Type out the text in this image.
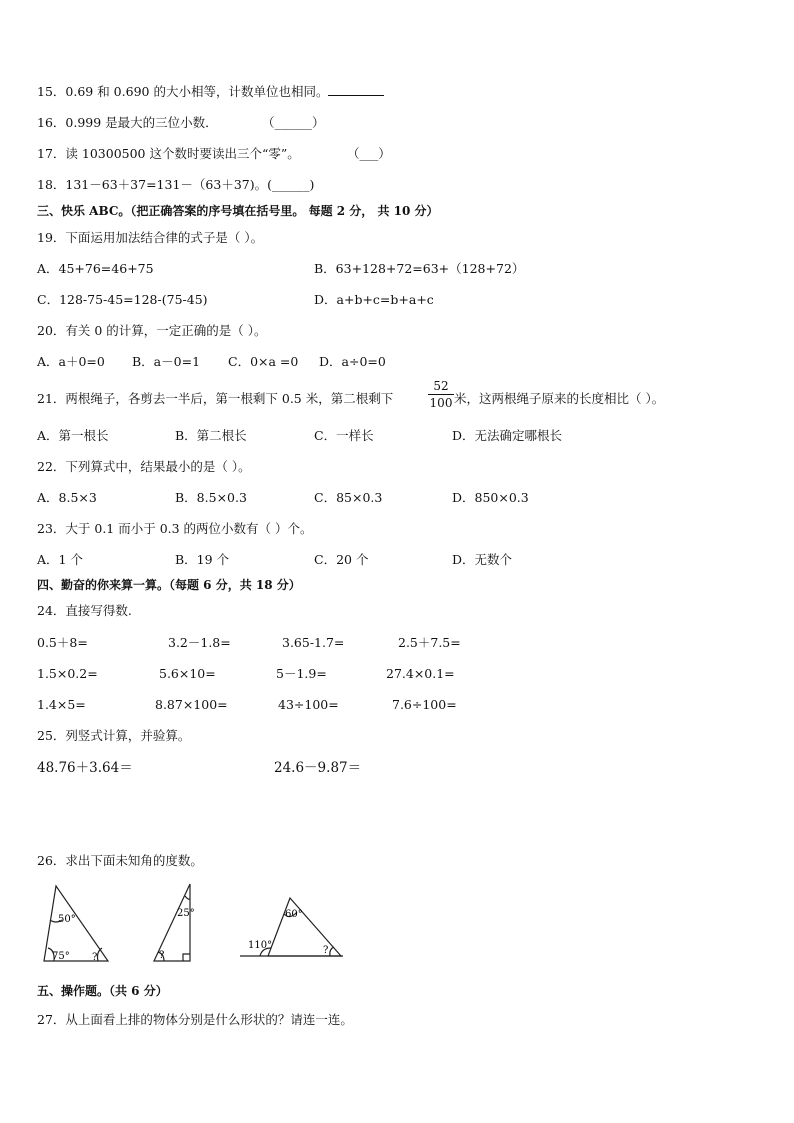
15．0.69 和 0.690 的大小相等，计数单位也相同。
16．0.999 是最大的三位小数．	（______）
17．读 10300500 这个数时要读出三个“零”。	（___）
18．131－63＋37=131－（63＋37)。(______)
三、快乐 ABC。（把正确答案的序号填在括号里。 每题 2 分， 共 10 分）
19．下面运用加法结合律的式子是（ ）。
A．45+76=46+75	B．63+128+72=63+（128+72）
C．128-75-45=128-(75-45)	D．a+b+c=b+a+c
20．有关 0 的计算，一定正确的是（ ）。
A．a＋0=0 B．a－0=1 C．0×a =0 D．a÷0=0
21．两根绳子，各剪去一半后，第一根剩下 0.5 米，第二根剩下
52
100 米，这两根绳子原来的长度相比（ ）。
A．第一根长	B．第二根长	C．一样长	D．无法确定哪根长
22．下列算式中，结果最小的是（ ）。
A．8.5×3	B．8.5×0.3	C．85×0.3	D．850×0.3
23．大于 0.1 而小于 0.3 的两位小数有（ ）个。
A．1 个	B．19 个	C．20 个	D．无数个
四、勤奋的你来算一算。（每题 6 分，共 18 分）
24．直接写得数.
0.5＋8=	3.2－1.8=	3.65-1.7=	2.5＋7.5=
1.5×0.2=	5.6×10=	5－1.9=	27.4×0.1=
1.4×5=	8.87×100=	43÷100=	7.6÷100=
25．列竖式计算，并验算。
48.76＋3.64＝	24.6－9.87＝
26．求出下面未知角的度数。
50°
75° ?
25°
?
60°
110°	?
五、操作题。（共 6 分）
27．从上面看上排的物体分别是什么形状的？请连一连。
